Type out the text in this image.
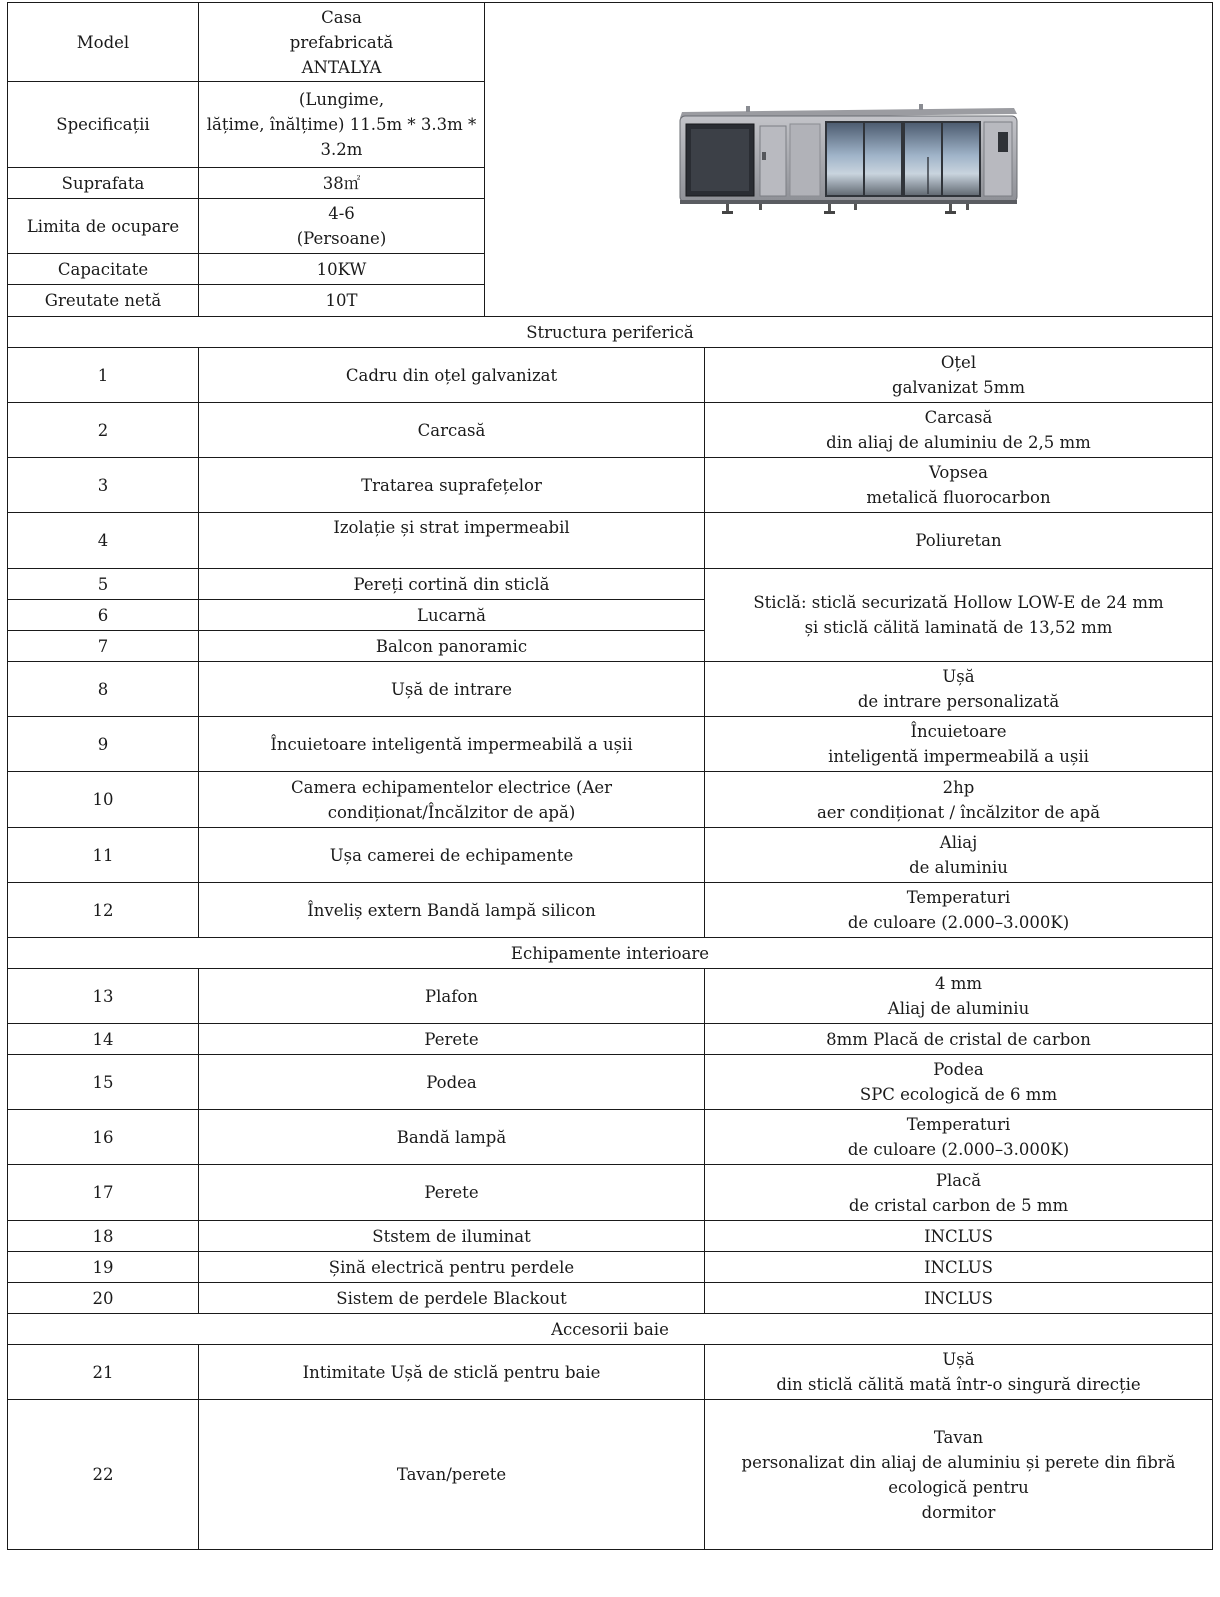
Model	Casa
prefabricată
ANTALYA	

Specificații	(Lungime,
lățime, înălțime) 11.5m * 3.3m *
3.2m		
Suprafata	38㎡		
Limita de ocupare	4-6
(Persoane)		
Capacitate	10KW		
Greutate netă	10T		
Structura periferică			
1	Cadru din oțel galvanizat		Oțel
galvanizat 5mm
2	Carcasă		Carcasă
din aliaj de aluminiu de 2,5 mm
3	Tratarea suprafețelor		Vopsea
metalică fluorocarbon
4	Izolație și strat impermeabil		Poliuretan
5	Pereți cortină din sticlă		Sticlă: sticlă securizată Hollow LOW-E de 24 mm
și sticlă călită laminată de 13,52 mm
6	Lucarnă		
7	Balcon panoramic		
8	Ușă de intrare		Ușă
de intrare personalizată
9	Încuietoare inteligentă impermeabilă a ușii		Încuietoare
inteligentă impermeabilă a ușii
10	Camera echipamentelor electrice (Aer
condiționat/Încălzitor de apă)		2hp
aer condiționat / încălzitor de apă
11	Ușa camerei de echipamente		Aliaj
de aluminiu
12	Înveliș extern Bandă lampă silicon		Temperaturi
de culoare (2.000–3.000K)
Echipamente interioare			
13	Plafon		4 mm
Aliaj de aluminiu
14	Perete		8mm Placă de cristal de carbon
15	Podea		Podea
SPC ecologică de 6 mm
16	Bandă lampă		Temperaturi
de culoare (2.000–3.000K)
17	Perete		Placă
de cristal carbon de 5 mm
18	Ststem de iluminat		INCLUS
19	Șină electrică pentru perdele		INCLUS
20	Sistem de perdele Blackout		INCLUS
Accesorii baie			
21	Intimitate Ușă de sticlă pentru baie		Ușă
din sticlă călită mată într-o singură direcție
22	Tavan/perete		Tavan
personalizat din aliaj de aluminiu și perete din fibră
ecologică pentru
dormitor
